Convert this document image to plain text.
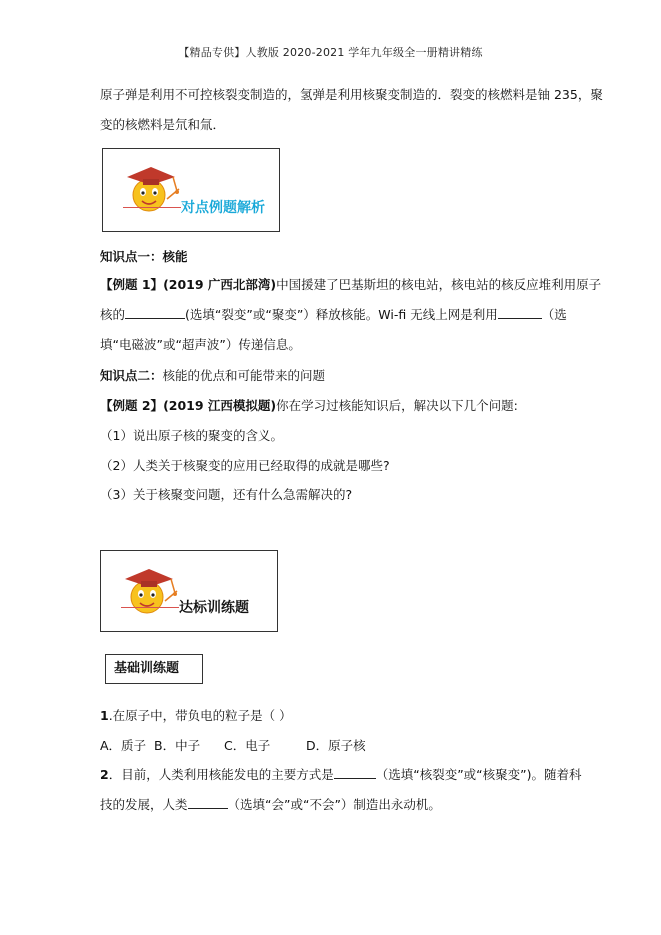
【精品专供】人教版 2020-2021 学年九年级全一册精讲精练
原子弹是利用不可控核裂变制造的，氢弹是利用核聚变制造的．裂变的核燃料是铀 235，聚
变的核燃料是氘和氚．
对点例题解析
知识点一：核能
【例题 1】(2019 广西北部湾)中国援建了巴基斯坦的核电站，核电站的核反应堆利用原子
核的	(选填“裂变”或“聚变”）释放核能。Wi-fi 无线上网是利用	（选
填“电磁波”或“超声波”）传递信息。
知识点二：核能的优点和可能带来的问题
【例题 2】(2019 江西模拟题)你在学习过核能知识后，解决以下几个问题:
（1）说出原子核的聚变的含义。
（2）人类关于核聚变的应用已经取得的成就是哪些?
（3）关于核聚变问题，还有什么急需解决的?
达标训练题
基础训练题
1.在原子中，带负电的粒子是（ ）
A．质子 B．中子 C．电子	D．原子核
2．目前，人类利用核能发电的主要方式是	（选填“核裂变”或“核聚变”)。随着科
技的发展，人类	（选填“会”或“不会”）制造出永动机。
